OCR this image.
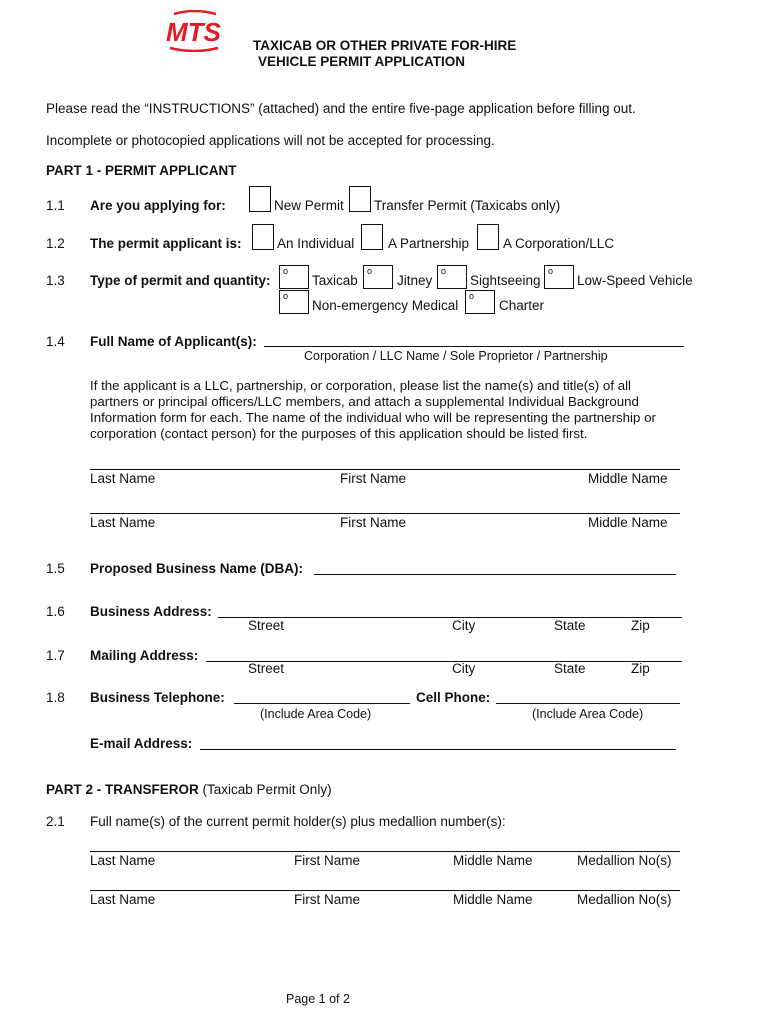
MTS TAXICAB OR OTHER PRIVATE FOR-HIRE
VEHICLE PERMIT APPLICATION
Please read the “INSTRUCTIONS” (attached) and the entire five-page application before filling out.
Incomplete or photocopied applications will not be accepted for processing.
PART 1 - PERMIT APPLICANT
1.1 Are you applying for:	New Permit Transfer Permit (Taxicabs only)
1.2 The permit applicant is:	An Individual A Partnership	A Corporation/LLC
1.3 Type of permit and quantity:
o
Taxicab
o
Jitney
o
Sightseeing
o
Low-Speed Vehicle
o
Non-emergency Medical
o
Charter
1.4 Full Name of Applicant(s):
Corporation / LLC Name / Sole Proprietor / Partnership
If the applicant is a LLC, partnership, or corporation, please list the name(s) and title(s) of all partners or principal officers/LLC members, and attach a supplemental Individual Background Information form for each. The name of the individual who will be representing the partnership or corporation (contact person) for the purposes of this application should be listed first.
Last Name	First Name	Middle Name
Last Name	First Name	Middle Name
1.5 Proposed Business Name (DBA):
1.6 Business Address:
Street	City	State	Zip
1.7 Mailing Address:
Street	City	State	Zip
1.8 Business Telephone:
(Include Area Code)
Cell Phone:
(Include Area Code)
E-mail Address:
PART 2 - TRANSFEROR (Taxicab Permit Only)
2.1 Full name(s) of the current permit holder(s) plus medallion number(s):
Last Name	First Name	Middle Name	Medallion No(s)
Last Name	First Name	Middle Name	Medallion No(s)
Page 1 of 2
